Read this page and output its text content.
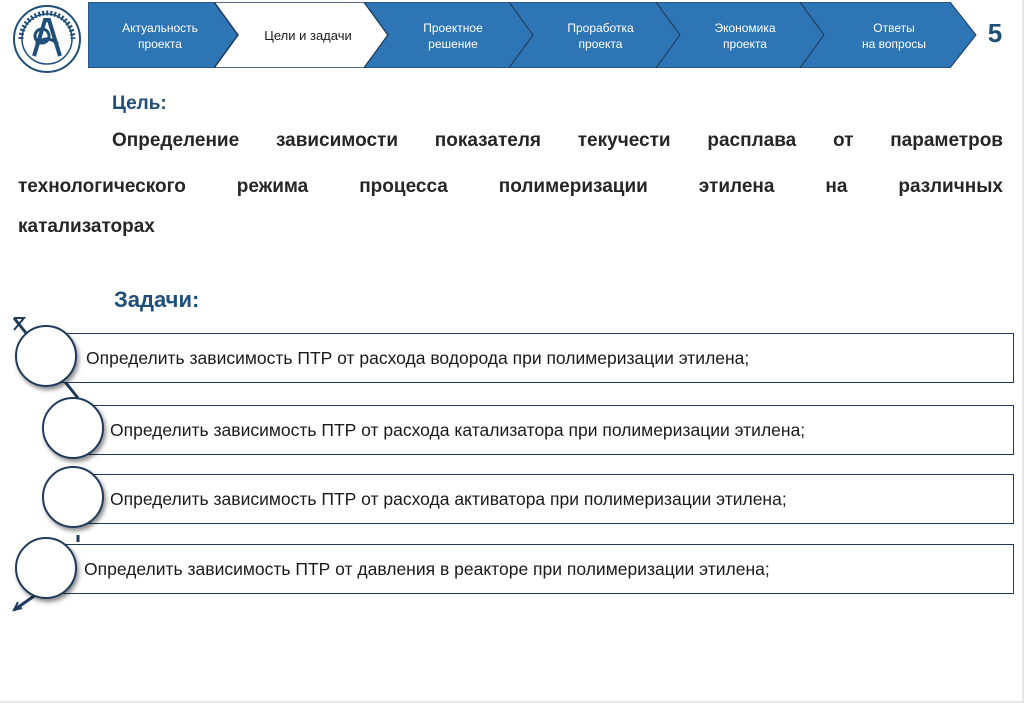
Актуальность
проекта
Цели и задачи	Проектное
решение
Проработка
проекта
Экономика
проекта
Ответы
на вопросы	5
Цель:
Определение зависимости показателя текучести расплава от параметров
технологического режима процесса полимеризации этилена на различных
катализаторах
Задачи:
Определить зависимость ПТР от расхода водорода при полимеризации этилена;
Определить зависимость ПТР от расхода катализатора при полимеризации этилена;
Определить зависимость ПТР от расхода активатора при полимеризации этилена;
Определить зависимость ПТР от давления в реакторе при полимеризации этилена;
